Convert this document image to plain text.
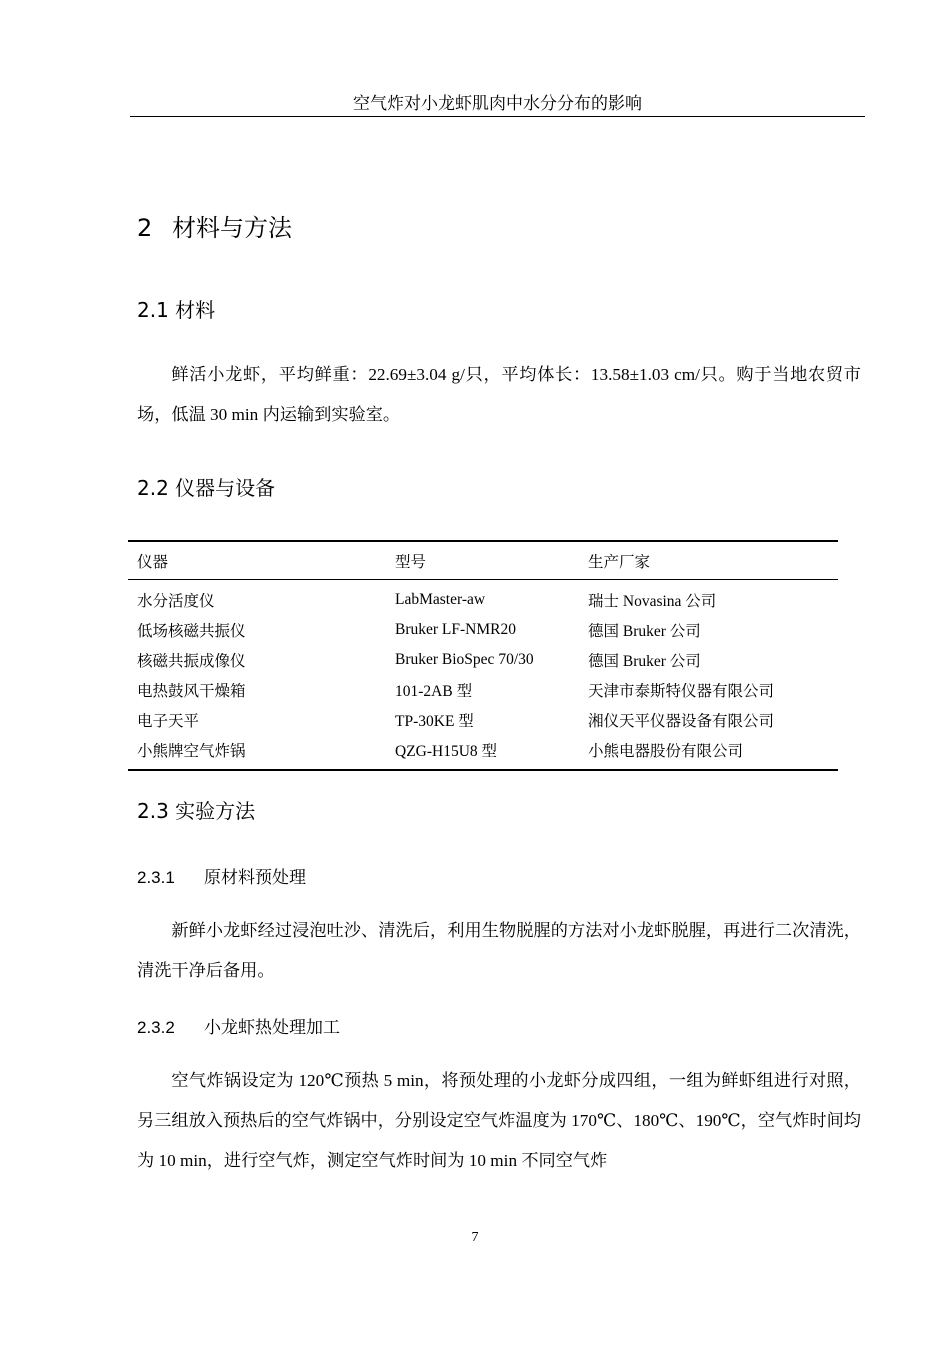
空气炸对小龙虾肌肉中水分分布的影响
2 材料与方法
2.1 材料
鲜活小龙虾，平均鲜重：22.69±3.04 g/只，平均体长：13.58±1.03 cm/只。购于当地农贸市场，低温 30 min 内运输到实验室。
2.2 仪器与设备
仪器	型号	生产厂家
水分活度仪	LabMaster-aw	瑞士 Novasina 公司
低场核磁共振仪	Bruker LF-NMR20	德国 Bruker 公司
核磁共振成像仪	Bruker BioSpec 70/30	德国 Bruker 公司
电热鼓风干燥箱	101-2AB 型	天津市泰斯特仪器有限公司
电子天平	TP-30KE 型	湘仪天平仪器设备有限公司
小熊牌空气炸锅	QZG-H15U8 型	小熊电器股份有限公司
2.3 实验方法
2.3.1 原材料预处理
新鲜小龙虾经过浸泡吐沙、清洗后，利用生物脱腥的方法对小龙虾脱腥，再进行二次清洗，清洗干净后备用。
2.3.2 小龙虾热处理加工
空气炸锅设定为 120℃预热 5 min，将预处理的小龙虾分成四组，一组为鲜虾组进行对照，另三组放入预热后的空气炸锅中，分别设定空气炸温度为 170℃、180℃、190℃，空气炸时间均为 10 min，进行空气炸，测定空气炸时间为 10 min 不同空气炸
7
